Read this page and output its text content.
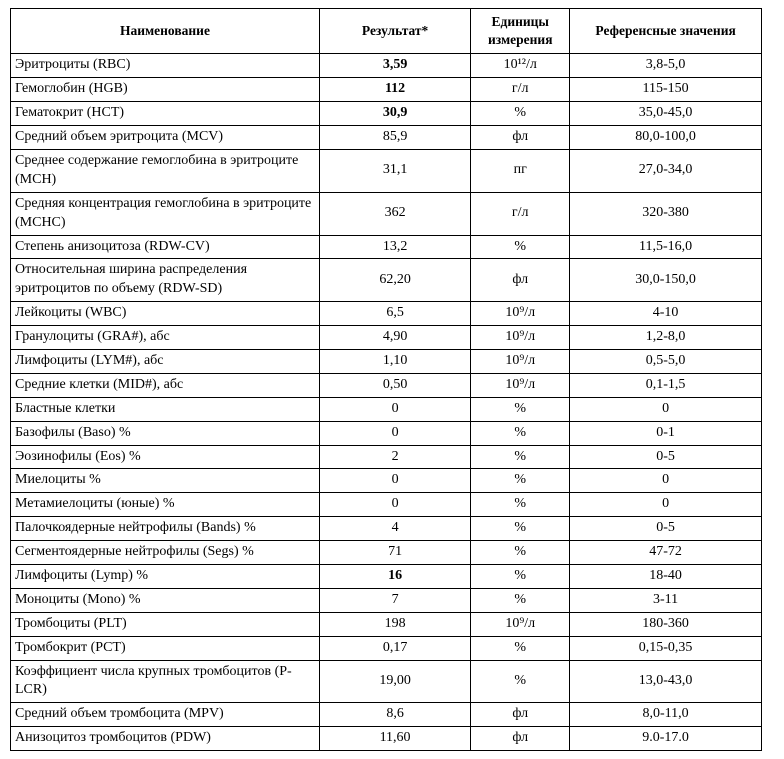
Наименование	Результат*	Единицы измерения	Референсные значения
Эритроциты (RBC)	3,59	10¹²/л	3,8-5,0
Гемоглобин (HGB)	112	г/л	115-150
Гематокрит (HCT)	30,9	%	35,0-45,0
Средний объем эритроцита (MCV)	85,9	фл	80,0-100,0
Среднее содержание гемоглобина в эритроците (MCH)	31,1	пг	27,0-34,0
Средняя концентрация гемоглобина в эритроците (MCHC)	362	г/л	320-380
Степень анизоцитоза (RDW-CV)	13,2	%	11,5-16,0
Относительная ширина распределения эритроцитов по объему (RDW-SD)	62,20	фл	30,0-150,0
Лейкоциты (WBC)	6,5	10⁹/л	4-10
Гранулоциты (GRA#), абс	4,90	10⁹/л	1,2-8,0
Лимфоциты (LYM#), абс	1,10	10⁹/л	0,5-5,0
Средние клетки (MID#), абс	0,50	10⁹/л	0,1-1,5
Бластные клетки	0	%	0
Базофилы (Baso) %	0	%	0-1
Эозинофилы (Eos) %	2	%	0-5
Миелоциты %	0	%	0
Метамиелоциты (юные) %	0	%	0
Палочкоядерные нейтрофилы (Bands) %	4	%	0-5
Сегментоядерные нейтрофилы (Segs) %	71	%	47-72
Лимфоциты (Lymp) %	16	%	18-40
Моноциты (Mono) %	7	%	3-11
Тромбоциты (PLT)	198	10⁹/л	180-360
Тромбокрит (PCT)	0,17	%	0,15-0,35
Коэффициент числа крупных тромбоцитов (P-LCR)	19,00	%	13,0-43,0
Средний объем тромбоцита (MPV)	8,6	фл	8,0-11,0
Анизоцитоз тромбоцитов (PDW)	11,60	фл	9.0-17.0
